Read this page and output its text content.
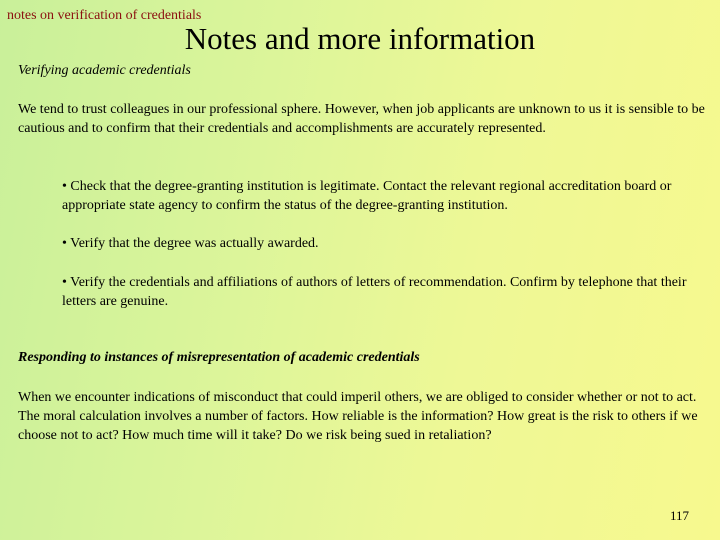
notes on verification of credentials
Notes and more information
Verifying academic credentials

We tend to trust colleagues in our professional sphere. However, when job applicants are unknown to us it is sensible to be cautious and to confirm that their credentials and accomplishments are accurately represented.

• Check that the degree-granting institution is legitimate. Contact the relevant regional accreditation board or appropriate state agency to confirm the status of the degree-granting institution.

• Verify that the degree was actually awarded.

• Verify the credentials and affiliations of authors of letters of recommendation. Confirm by telephone that their letters are genuine.

Responding to instances of misrepresentation of academic credentials

When we encounter indications of misconduct that could imperil others, we are obliged to consider whether or not to act. The moral calculation involves a number of factors. How reliable is the information? How great is the risk to others if we choose not to act? How much time will it take? Do we risk being sued in retaliation?

117
